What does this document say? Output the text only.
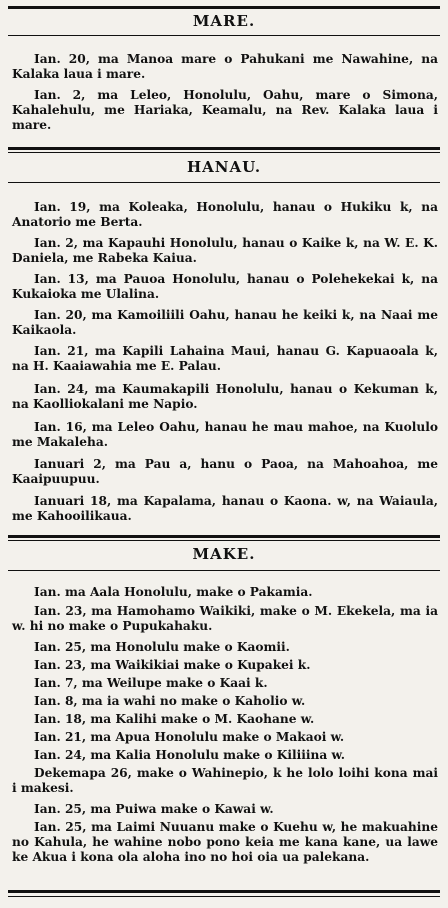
MARE.
Ian. 20, ma Manoa mare o Pahukani me Nawahine, na Kalaka laua i mare.
Ian. 2, ma Leleo, Honolulu, Oahu, mare o Simona, Kahalehulu, me Hariaka, Keamalu, na Rev. Kalaka laua i mare.
HANAU.
Ian. 19, ma Koleaka, Honolulu, hanau o Hukiku k, na Anatorio me Berta.
Ian. 2, ma Kapauhi Honolulu, hanau o Kaike k, na W. E. K. Daniela, me Rabeka Kaiua.
Ian. 13, ma Pauoa Honolulu, hanau o Polehekekai k, na Kukaioka me Ulalina.
Ian. 20, ma Kamoiliili Oahu, hanau he keiki k, na Naai me Kaikaola.
Ian. 21, ma Kapili Lahaina Maui, hanau G. Kapuaoala k, na H. Kaaiawahia me E. Palau.
Ian. 24, ma Kaumakapili Honolulu, hanau o Kekuman k, na Kaolliokalani me Napio.
Ian. 16, ma Leleo Oahu, hanau he mau mahoe, na Kuolulo me Makaleha.
Ianuari 2, ma Pau a, hanu o Paoa, na Mahoahoa, me Kaaipuupuu.
Ianuari 18, ma Kapalama, hanau o Kaona. w, na Waiaula, me Kahooilikaua.
MAKE.
Ian. ma Aala Honolulu, make o Pakamia.
Ian. 23, ma Hamohamo Waikiki, make o M. Ekekela, ma ia w. hi no make o Pupukahaku.
Ian. 25, ma Honolulu make o Kaomii.
Ian. 23, ma Waikikiai make o Kupakei k.
Ian. 7, ma Weilupe make o Kaai k.
Ian. 8, ma ia wahi no make o Kaholio w.
Ian. 18, ma Kalihi make o M. Kaohane w.
Ian. 21, ma Apua Honolulu make o Makaoi w.
Ian. 24, ma Kalia Honolulu make o Kiliiina w.
Dekemapa 26, make o Wahinepio, k he lolo loihi kona mai i makesi.
Ian. 25, ma Puiwa make o Kawai w.
Ian. 25, ma Laimi Nuuanu make o Kuehu w, he makuahine no Kahula, he wahine nobo pono keia me kana kane, ua lawe ke Akua i kona ola aloha ino no hoi oia ua palekana.
